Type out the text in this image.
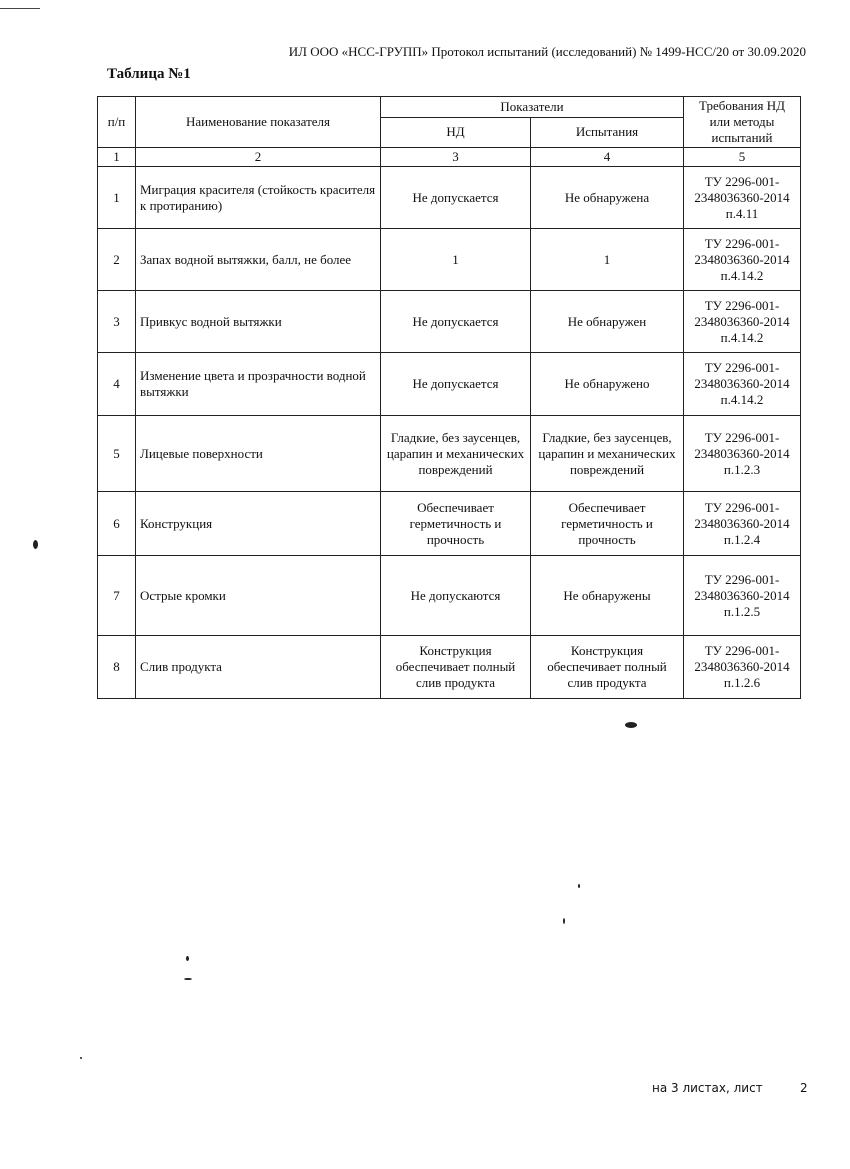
ИЛ ООО «НСС-ГРУПП» Протокол испытаний (исследований) № 1499-НСС/20 от 30.09.2020
Таблица №1
п/п	Наименование показателя	Показатели		Требования НД или методы испытаний
		НД	Испытания	
1	2	3	4	5
1	Миграция красителя (стойкость красителя к протиранию)	Не допускается	Не обнаружена	ТУ 2296-001-2348036360-2014
п.4.11

2	Запах водной вытяжки, балл, не более	1	1	ТУ 2296-001-2348036360-2014
п.4.14.2

3	Привкус водной вытяжки	Не допускается	Не обнаружен	ТУ 2296-001-2348036360-2014
п.4.14.2

4	Изменение цвета и прозрачности водной вытяжки	Не допускается	Не обнаружено	ТУ 2296-001-2348036360-2014
п.4.14.2

5	Лицевые поверхности	Гладкие, без заусенцев, царапин и механических повреждений	Гладкие, без заусенцев, царапин и механических повреждений	ТУ 2296-001-2348036360-2014
п.1.2.3

6	Конструкция	Обеспечивает герметичность и прочность	Обеспечивает герметичность и прочность	ТУ 2296-001-2348036360-2014
п.1.2.4

7	Острые кромки	Не допускаются	Не обнаружены	ТУ 2296-001-2348036360-2014
п.1.2.5

8	Слив продукта	Конструкция обеспечивает полный слив продукта	Конструкция обеспечивает полный слив продукта	ТУ 2296-001-2348036360-2014
п.1.2.6
на 3 листах, лист	2
